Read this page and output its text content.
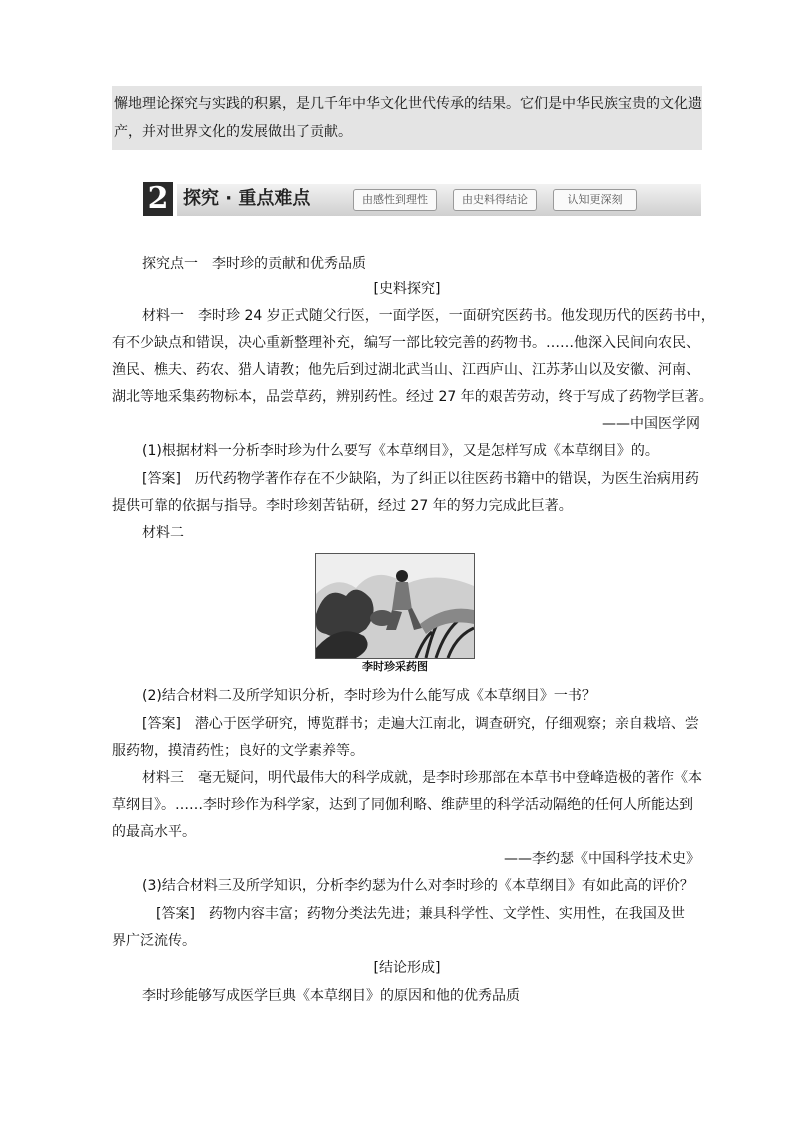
懈地理论探究与实践的积累，是几千年中华文化世代传承的结果。它们是中华民族宝贵的文化遗
产，并对世界文化的发展做出了贡献。
2 探究 · 重点难点	由感性到理性	由史料得结论	认知更深刻
探究点一　李时珍的贡献和优秀品质
[史料探究]
材料一　李时珍 24 岁正式随父行医，一面学医，一面研究医药书。他发现历代的医药书中，
有不少缺点和错误，决心重新整理补充，编写一部比较完善的药物书。……他深入民间向农民、
渔民、樵夫、药农、猎人请教；他先后到过湖北武当山、江西庐山、江苏茅山以及安徽、河南、
湖北等地采集药物标本，品尝草药，辨别药性。经过 27 年的艰苦劳动，终于写成了药物学巨著。
——中国医学网
(1)根据材料一分析李时珍为什么要写《本草纲目》，又是怎样写成《本草纲目》的。
[答案]　历代药物学著作存在不少缺陷，为了纠正以往医药书籍中的错误，为医生治病用药
提供可靠的依据与指导。李时珍刻苦钻研，经过 27 年的努力完成此巨著。
材料二
李时珍采药图
(2)结合材料二及所学知识分析，李时珍为什么能写成《本草纲目》一书？
[答案]　潜心于医学研究，博览群书；走遍大江南北，调查研究，仔细观察；亲自栽培、尝
服药物，摸清药性；良好的文学素养等。
材料三　毫无疑问，明代最伟大的科学成就，是李时珍那部在本草书中登峰造极的著作《本
草纲目》。……李时珍作为科学家，达到了同伽利略、维萨里的科学活动隔绝的任何人所能达到
的最高水平。
——李约瑟《中国科学技术史》
(3)结合材料三及所学知识，分析李约瑟为什么对李时珍的《本草纲目》有如此高的评价？
[答案]　药物内容丰富；药物分类法先进；兼具科学性、文学性、实用性，在我国及世
界广泛流传。
[结论形成]
李时珍能够写成医学巨典《本草纲目》的原因和他的优秀品质
